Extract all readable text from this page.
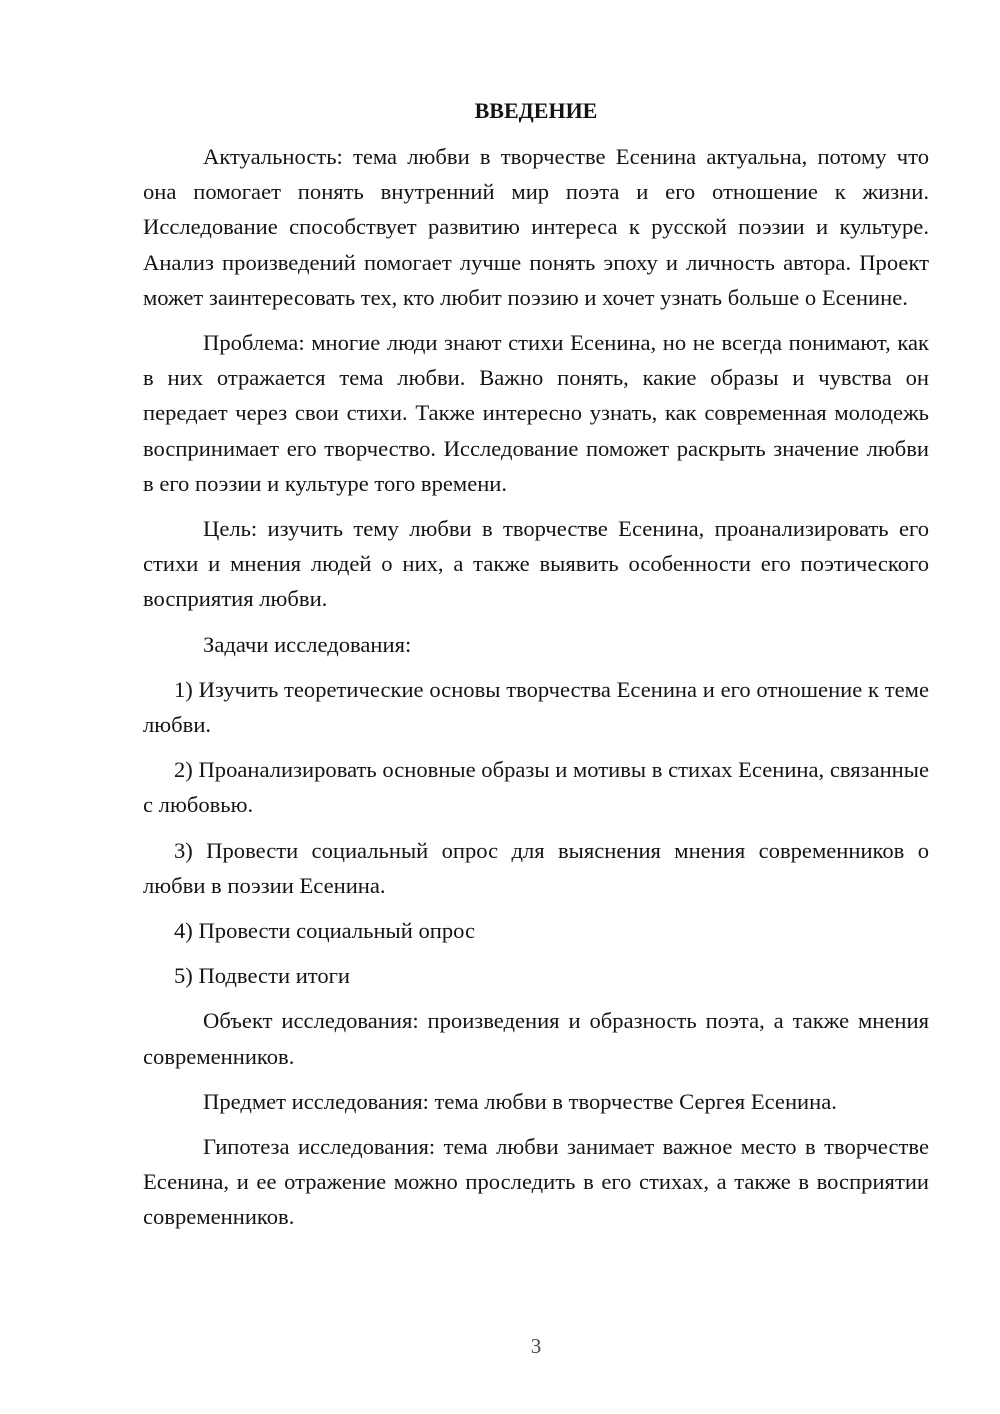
ВВЕДЕНИЕ

Актуальность: тема любви в творчестве Есенина актуальна, потому что она помогает понять внутренний мир поэта и его отношение к жизни. Исследование способствует развитию интереса к русской поэзии и культуре. Анализ произведений помогает лучше понять эпоху и личность автора. Проект может заинтересовать тех, кто любит поэзию и хочет узнать больше о Есенине.

Проблема: многие люди знают стихи Есенина, но не всегда понимают, как в них отражается тема любви. Важно понять, какие образы и чувства он передает через свои стихи. Также интересно узнать, как современная молодежь воспринимает его творчество. Исследование поможет раскрыть значение любви в его поэзии и культуре того времени.

Цель: изучить тему любви в творчестве Есенина, проанализировать его стихи и мнения людей о них, а также выявить особенности его поэтического восприятия любви.

Задачи исследования:

1) Изучить теоретические основы творчества Есенина и его отношение к теме любви.

2) Проанализировать основные образы и мотивы в стихах Есенина, связанные с любовью.

3) Провести социальный опрос для выяснения мнения современников о любви в поэзии Есенина.

4) Провести социальный опрос

5) Подвести итоги

Объект исследования: произведения и образность поэта, а также мнения современников.

Предмет исследования: тема любви в творчестве Сергея Есенина.

Гипотеза исследования: тема любви занимает важное место в творчестве Есенина, и ее отражение можно проследить в его стихах, а также в восприятии современников.

3
